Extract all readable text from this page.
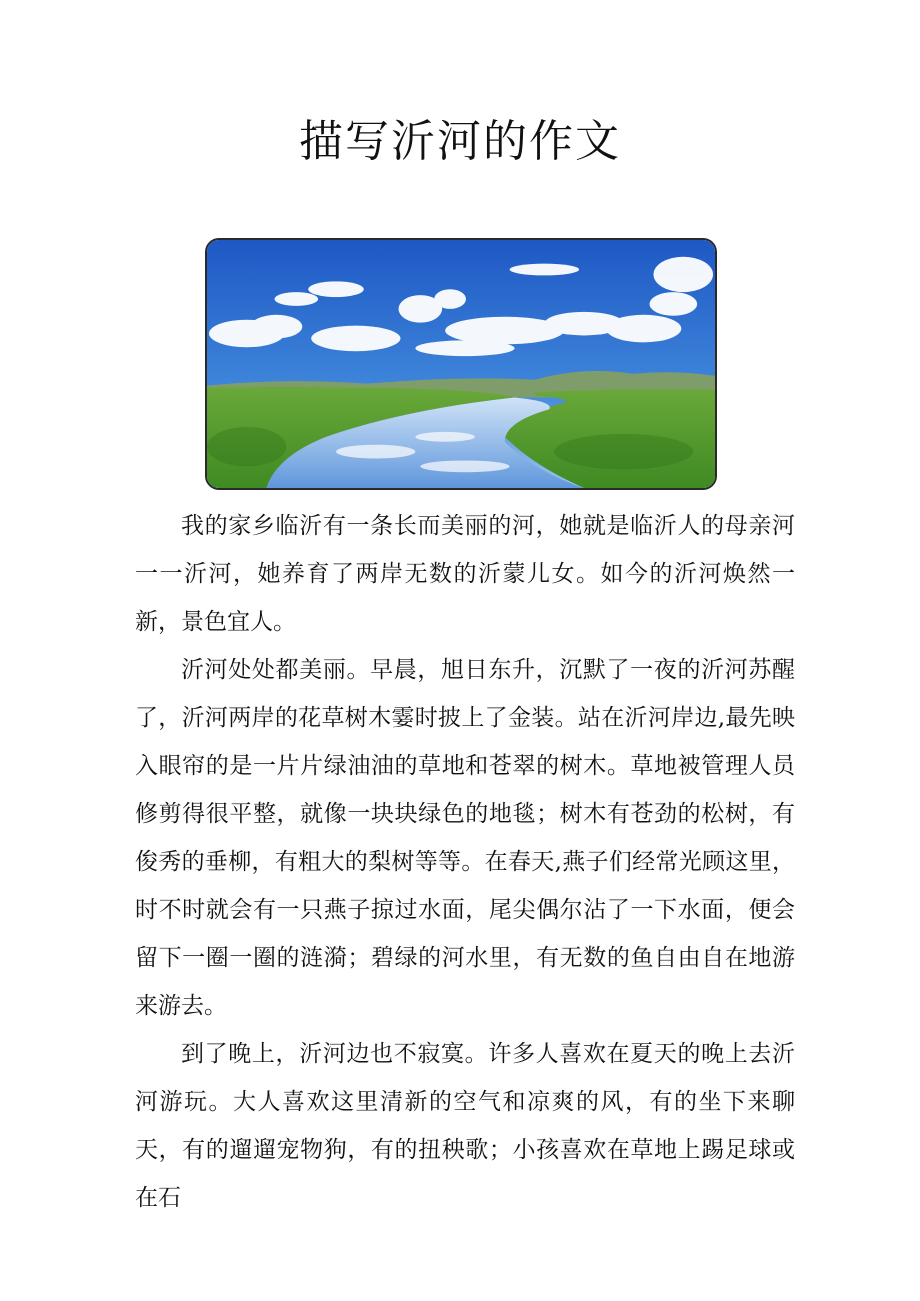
描写沂河的作文

我的家乡临沂有一条长而美丽的河，她就是临沂人的母亲河一一沂河，她养育了两岸无数的沂蒙儿女。如今的沂河焕然一新，景色宜人。

沂河处处都美丽。早晨，旭日东升，沉默了一夜的沂河苏醒了，沂河两岸的花草树木霎时披上了金装。站在沂河岸边,最先映入眼帘的是一片片绿油油的草地和苍翠的树木。草地被管理人员修剪得很平整，就像一块块绿色的地毯；树木有苍劲的松树，有俊秀的垂柳，有粗大的梨树等等。在春天,燕子们经常光顾这里，时不时就会有一只燕子掠过水面，尾尖偶尔沾了一下水面，便会留下一圈一圈的涟漪；碧绿的河水里，有无数的鱼自由自在地游来游去。

到了晚上，沂河边也不寂寞。许多人喜欢在夏天的晚上去沂河游玩。大人喜欢这里清新的空气和凉爽的风，有的坐下来聊天，有的遛遛宠物狗，有的扭秧歌；小孩喜欢在草地上踢足球或在石
